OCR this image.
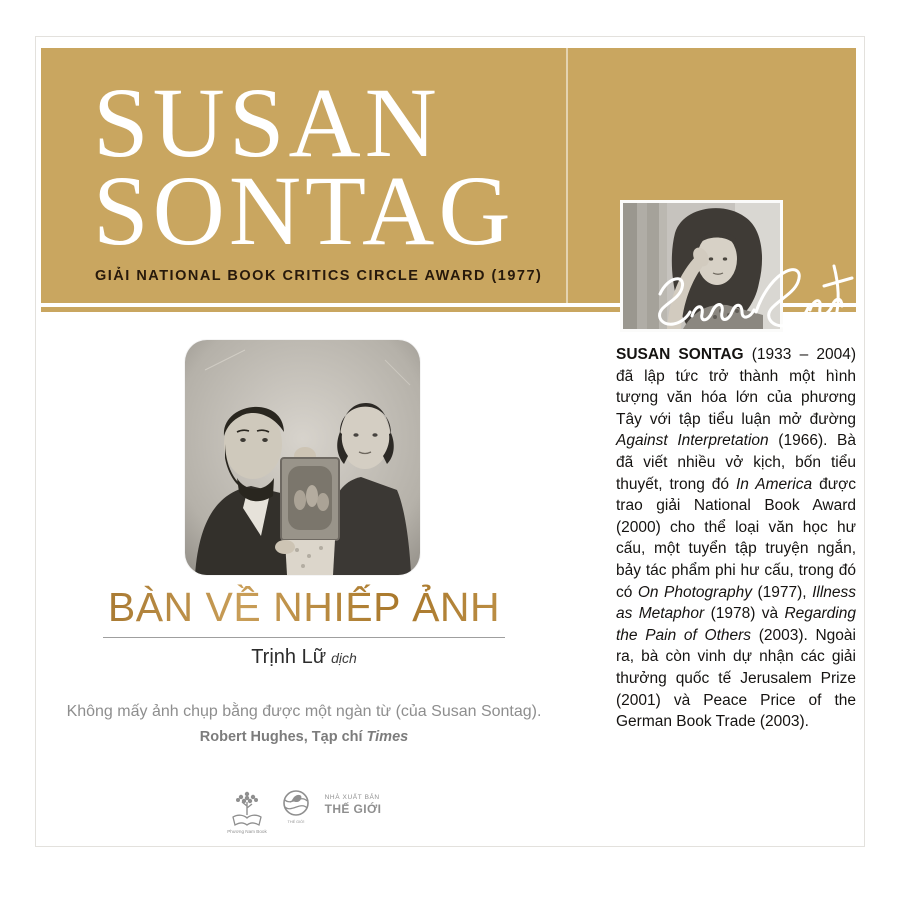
SUSAN
SONTAG
GIẢI NATIONAL BOOK CRITICS CIRCLE AWARD (1977)
SUSAN SONTAG (1933 – 2004) đã lập tức trở thành một hình tượng văn hóa lớn của phương Tây với tập tiểu luận mở đường Against Interpretation (1966). Bà đã viết nhiều vở kịch, bốn tiểu thuyết, trong đó In America được trao giải National Book Award (2000) cho thể loại văn học hư cấu, một tuyển tập truyện ngắn, bảy tác phẩm phi hư cấu, trong đó có On Photography (1977), Illness as Metaphor (1978) và Regarding the Pain of Others (2003). Ngoài ra, bà còn vinh dự nhận các giải thưởng quốc tế Jerusalem Prize (2001) và Peace Price of the German Book Trade (2003).
BÀN VỀ NHIẾP ẢNH
Trịnh Lữ dịch
Không mấy ảnh chụp bằng được một ngàn từ (của Susan Sontag).
Robert Hughes, Tạp chí Times
Phương Nam Book
THẾ GIỚI
NHÀ XUẤT BẢN
THẾ GIỚI
